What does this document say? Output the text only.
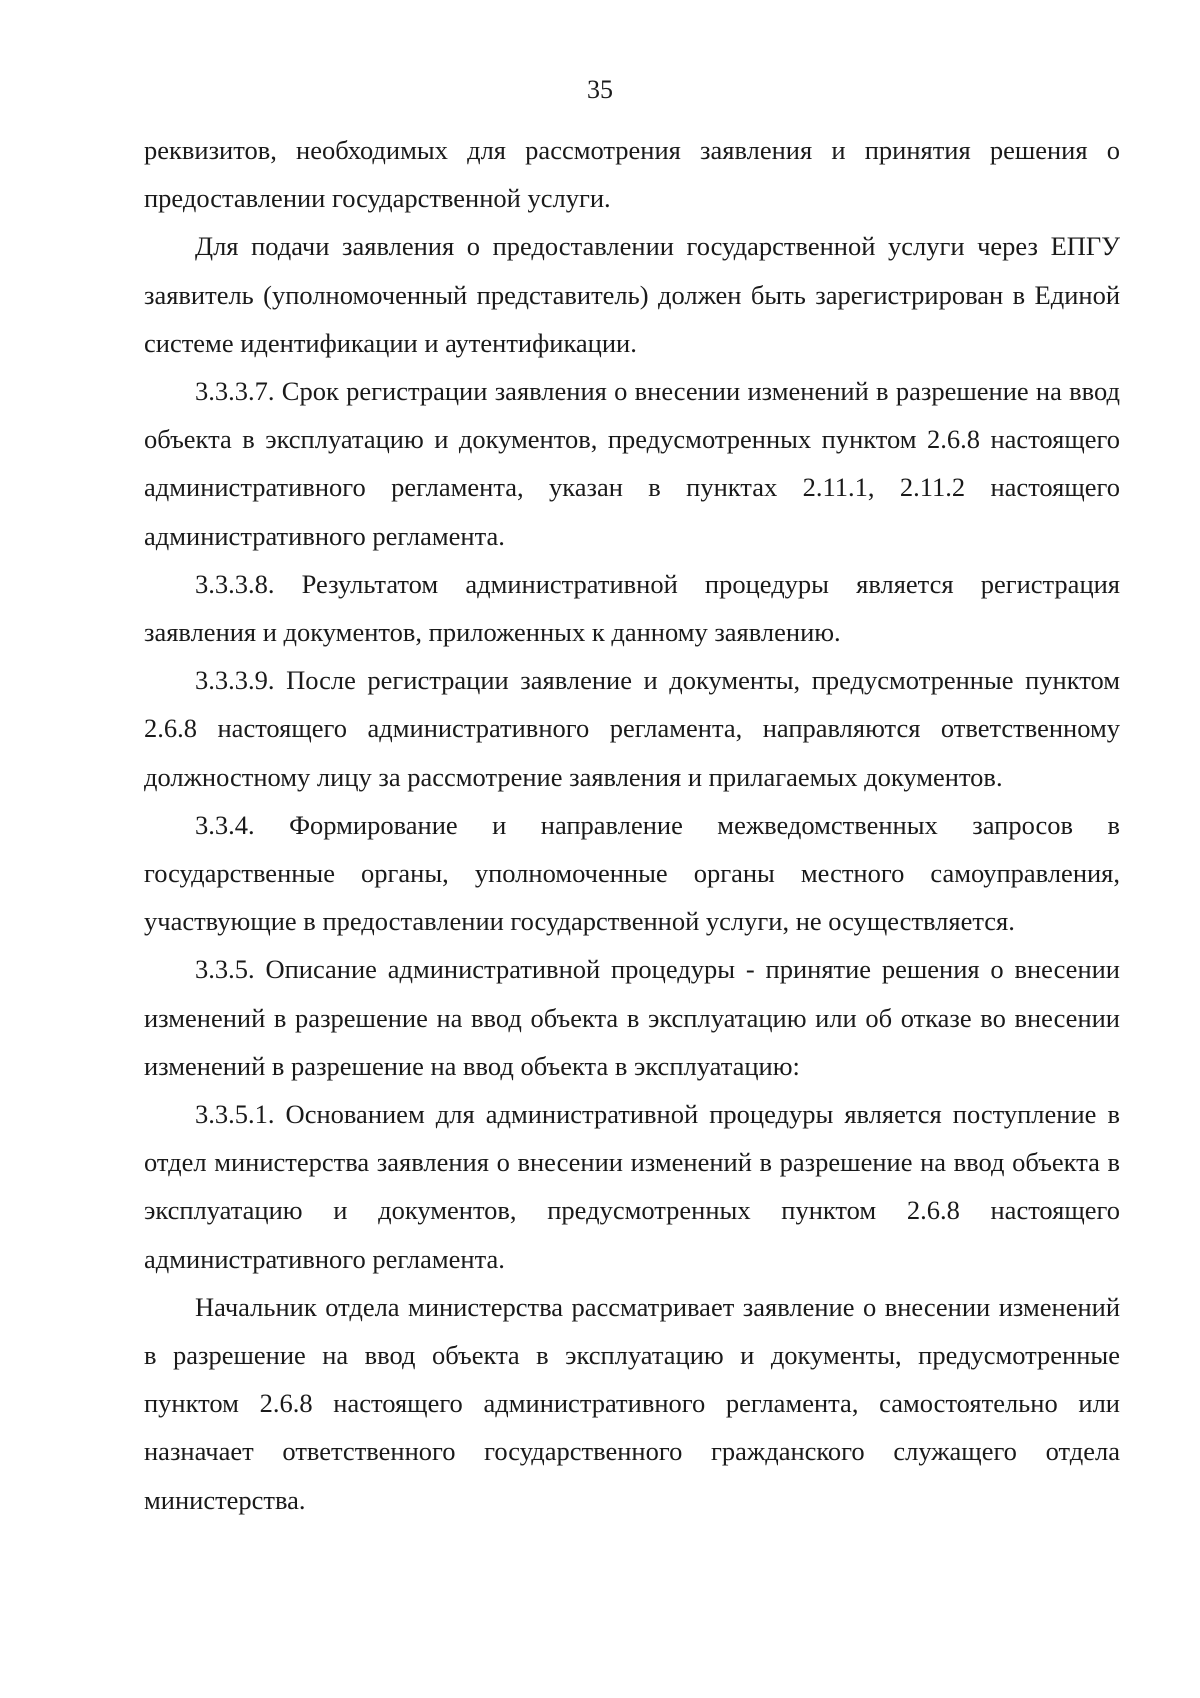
35

реквизитов, необходимых для рассмотрения заявления и принятия решения о предоставлении государственной услуги.

Для подачи заявления о предоставлении государственной услуги через ЕПГУ заявитель (уполномоченный представитель) должен быть зарегистрирован в Единой системе идентификации и аутентификации.

3.3.3.7. Срок регистрации заявления о внесении изменений в разрешение на ввод объекта в эксплуатацию и документов, предусмотренных пунктом 2.6.8 настоящего административного регламента, указан в пунктах 2.11.1, 2.11.2 настоящего административного регламента.

3.3.3.8. Результатом административной процедуры является регистрация заявления и документов, приложенных к данному заявлению.

3.3.3.9. После регистрации заявление и документы, предусмотренные пунктом 2.6.8 настоящего административного регламента, направляются ответственному должностному лицу за рассмотрение заявления и прилагаемых документов.

3.3.4. Формирование и направление межведомственных запросов в государственные органы, уполномоченные органы местного самоуправления, участвующие в предоставлении государственной услуги, не осуществляется.

3.3.5. Описание административной процедуры - принятие решения о внесении изменений в разрешение на ввод объекта в эксплуатацию или об отказе во внесении изменений в разрешение на ввод объекта в эксплуатацию:

3.3.5.1. Основанием для административной процедуры является поступление в отдел министерства заявления о внесении изменений в разрешение на ввод объекта в эксплуатацию и документов, предусмотренных пунктом 2.6.8 настоящего административного регламента.

Начальник отдела министерства рассматривает заявление о внесении изменений в разрешение на ввод объекта в эксплуатацию и документы, предусмотренные пунктом 2.6.8 настоящего административного регламента, самостоятельно или назначает ответственного государственного гражданского служащего отдела министерства.
